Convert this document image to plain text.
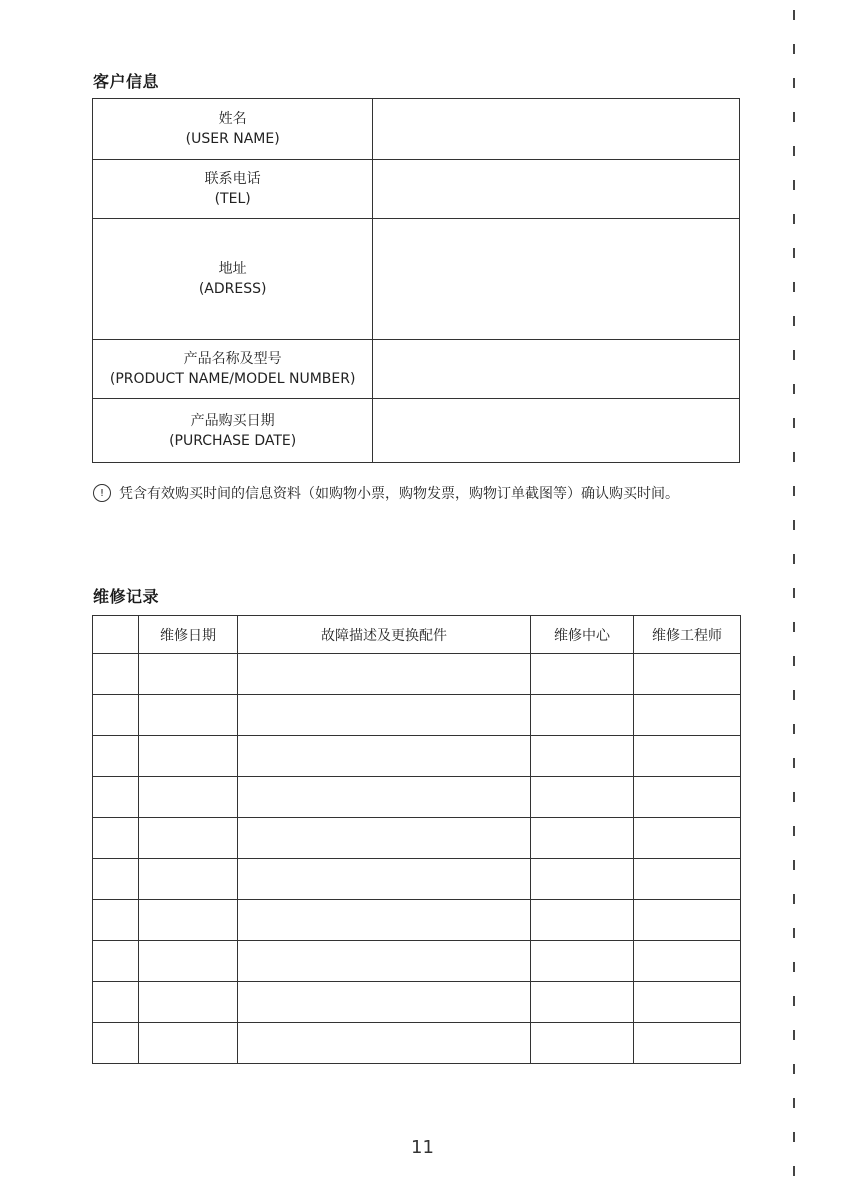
客户信息
姓名
(USER NAME)	

联系电话
(TEL)	

地址
(ADRESS)	

产品名称及型号
(PRODUCT NAME/MODEL NUMBER)	

产品购买日期
(PURCHASE DATE)	

!	凭含有效购买时间的信息资料（如购物小票，购物发票，购物订单截图等）确认购买时间。
维修记录
	维修日期	故障描述及更换配件	维修中心	维修工程师

11
